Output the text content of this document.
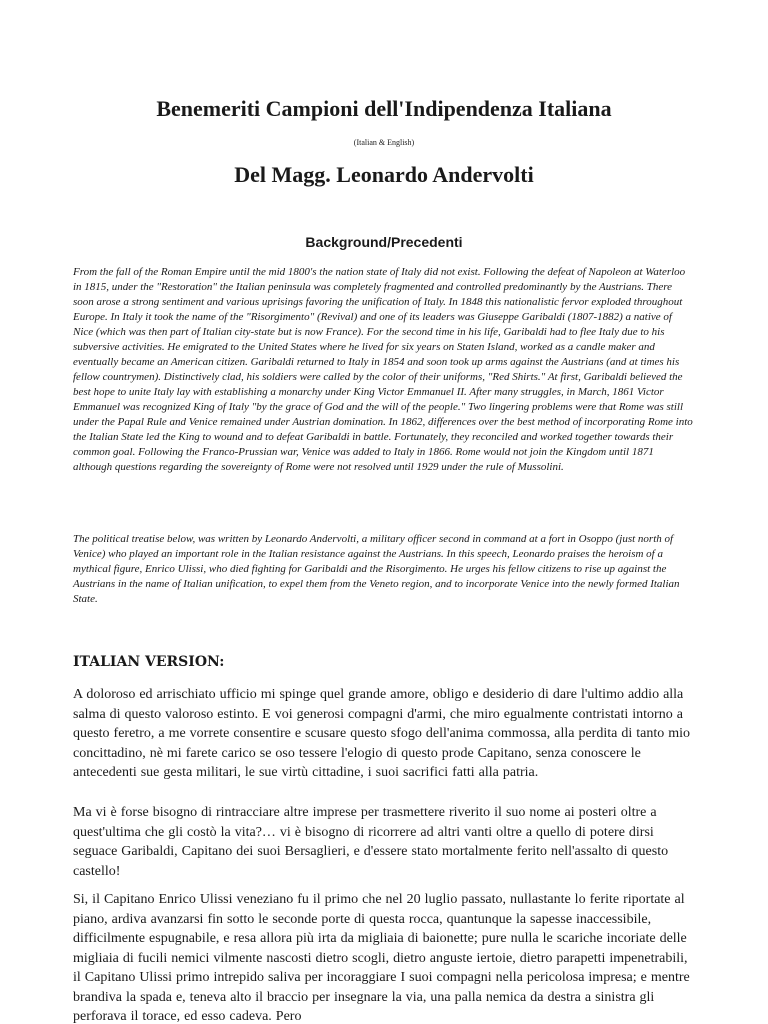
Benemeriti Campioni dell'Indipendenza Italiana
(Italian & English)
Del Magg. Leonardo Andervolti
Background/Precedenti

From the fall of the Roman Empire until the mid 1800's the nation state of Italy did not exist. Following the defeat of Napoleon at Waterloo in 1815, under the "Restoration" the Italian peninsula was completely fragmented and controlled predominantly by the Austrians. There soon arose a strong sentiment and various uprisings favoring the unification of Italy. In 1848 this nationalistic fervor exploded throughout Europe. In Italy it took the name of the "Risorgimento" (Revival) and one of its leaders was Giuseppe Garibaldi (1807-1882) a native of Nice (which was then part of Italian city-state but is now France). For the second time in his life, Garibaldi had to flee Italy due to his subversive activities. He emigrated to the United States where he lived for six years on Staten Island, worked as a candle maker and eventually became an American citizen. Garibaldi returned to Italy in 1854 and soon took up arms against the Austrians (and at times his fellow countrymen). Distinctively clad, his soldiers were called by the color of their uniforms, "Red Shirts." At first, Garibaldi believed the best hope to unite Italy lay with establishing a monarchy under King Victor Emmanuel II. After many struggles, in March, 1861 Victor Emmanuel was recognized King of Italy "by the grace of God and the will of the people." Two lingering problems were that Rome was still under the Papal Rule and Venice remained under Austrian domination. In 1862, differences over the best method of incorporating Rome into the Italian State led the King to wound and to defeat Garibaldi in battle. Fortunately, they reconciled and worked together towards their common goal. Following the Franco-Prussian war, Venice was added to Italy in 1866. Rome would not join the Kingdom until 1871 although questions regarding the sovereignty of Rome were not resolved until 1929 under the rule of Mussolini.

The political treatise below, was written by Leonardo Andervolti, a military officer second in command at a fort in Osoppo (just north of Venice) who played an important role in the Italian resistance against the Austrians. In this speech, Leonardo praises the heroism of a mythical figure, Enrico Ulissi, who died fighting for Garibaldi and the Risorgimento. He urges his fellow citizens to rise up against the Austrians in the name of Italian unification, to expel them from the Veneto region, and to incorporate Venice into the newly formed Italian State.

ITALIAN VERSION:

A doloroso ed arrischiato ufficio mi spinge quel grande amore, obligo e desiderio di dare l'ultimo addio alla salma di questo valoroso estinto. E voi generosi compagni d'armi, che miro egualmente contristati intorno a questo feretro, a me vorrete consentire e scusare questo sfogo dell'anima commossa, alla perdita di tanto mio concittadino, nè mi farete carico se oso tessere l'elogio di questo prode Capitano, senza conoscere le antecedenti sue gesta militari, le sue virtù cittadine, i suoi sacrifici fatti alla patria.

Ma vi è forse bisogno di rintracciare altre imprese per trasmettere riverito il suo nome ai posteri oltre a quest'ultima che gli costò la vita?… vi è bisogno di ricorrere ad altri vanti oltre a quello di potere dirsi seguace Garibaldi, Capitano dei suoi Bersaglieri, e d'essere stato mortalmente ferito nell'assalto di questo castello!

Si, il Capitano Enrico Ulissi veneziano fu il primo che nel 20 luglio passato, nullastante lo ferite riportate al piano, ardiva avanzarsi fin sotto le seconde porte di questa rocca, quantunque la sapesse inaccessibile, difficilmente espugnabile, e resa allora più irta da migliaia di baionette; pure nulla le scariche incoriate delle migliaia di fucili nemici vilmente nascosti dietro scogli, dietro anguste iertoie, dietro parapetti impenetrabili, il Capitano Ulissi primo intrepido saliva per incoraggiare I suoi compagni nella pericolosa impresa; e mentre brandiva la spada e, teneva alto il braccio per insegnare la via, una palla nemica da destra a sinistra gli perforava il torace, ed esso cadeva. Pero
